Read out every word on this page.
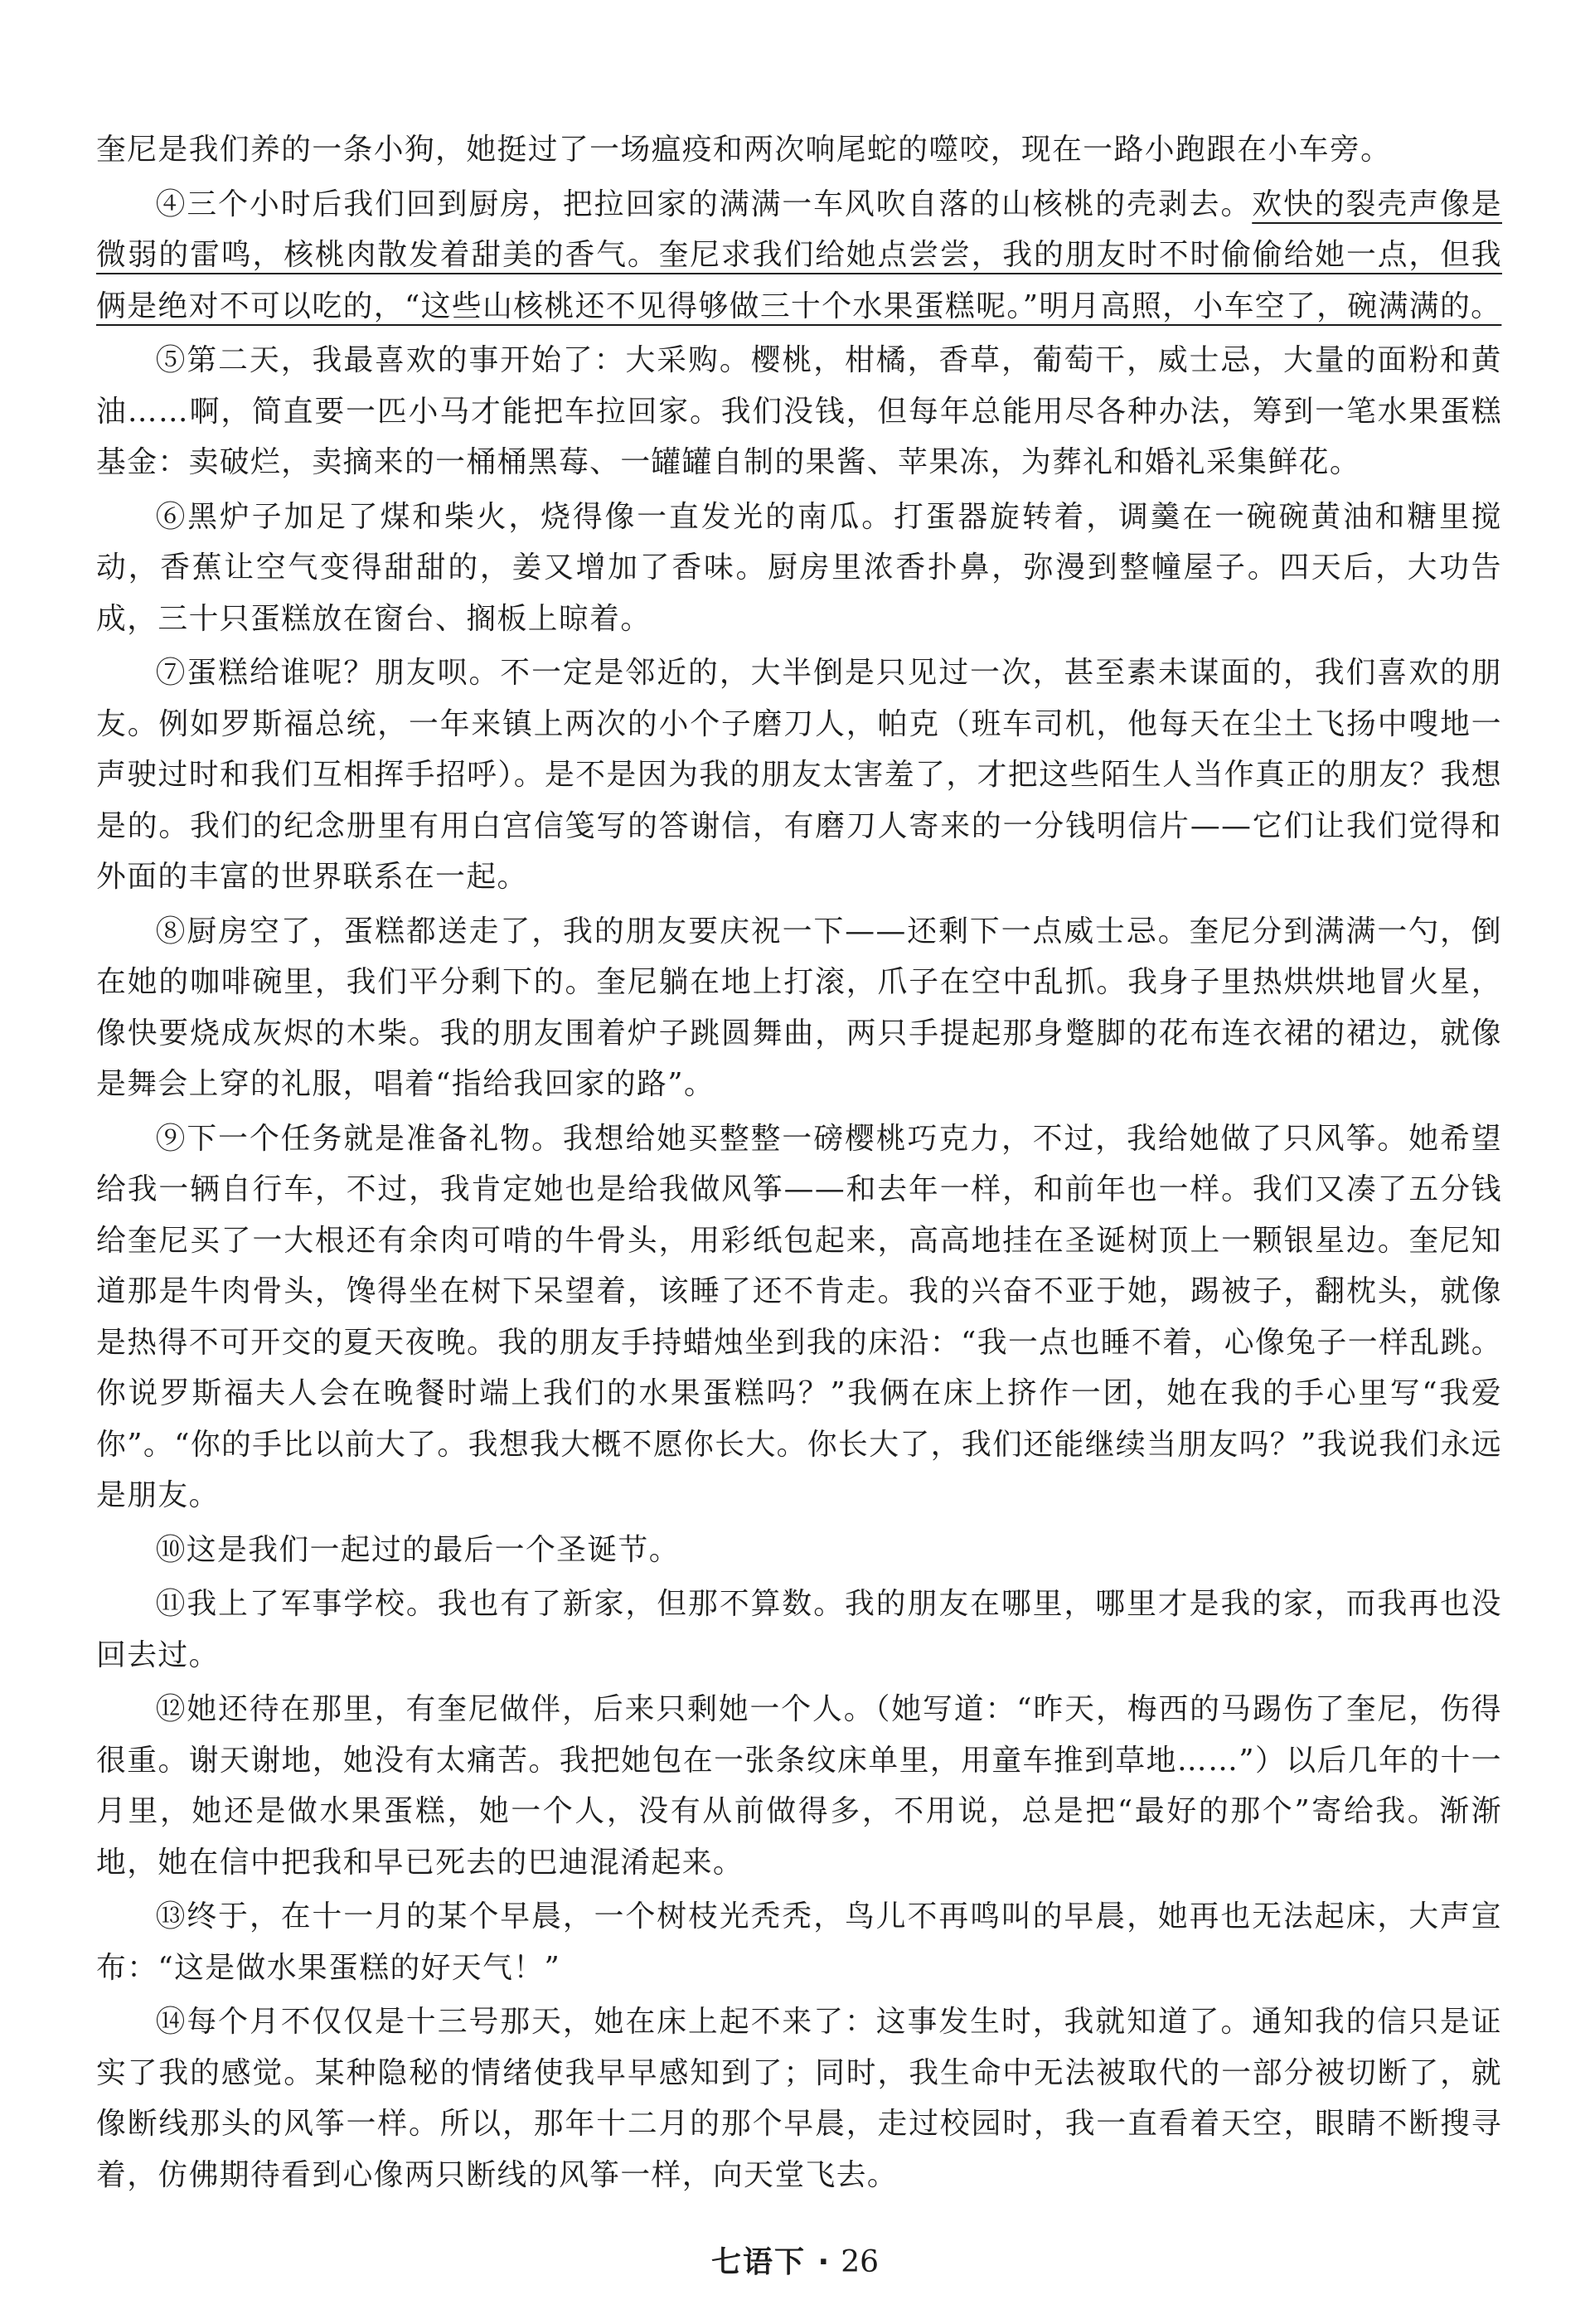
奎尼是我们养的一条小狗，她挺过了一场瘟疫和两次响尾蛇的噬咬，现在一路小跑跟在小车旁。

④三个小时后我们回到厨房，把拉回家的满满一车风吹自落的山核桃的壳剥去。欢快的裂壳声像是微弱的雷鸣，核桃肉散发着甜美的香气。奎尼求我们给她点尝尝，我的朋友时不时偷偷给她一点，但我俩是绝对不可以吃的，“这些山核桃还不见得够做三十个水果蛋糕呢。”明月高照，小车空了，碗满满的。

⑤第二天，我最喜欢的事开始了：大采购。樱桃，柑橘，香草，葡萄干，威士忌，大量的面粉和黄油……啊，简直要一匹小马才能把车拉回家。我们没钱，但每年总能用尽各种办法，筹到一笔水果蛋糕基金：卖破烂，卖摘来的一桶桶黑莓、一罐罐自制的果酱、苹果冻，为葬礼和婚礼采集鲜花。

⑥黑炉子加足了煤和柴火，烧得像一直发光的南瓜。打蛋器旋转着，调羹在一碗碗黄油和糖里搅动，香蕉让空气变得甜甜的，姜又增加了香味。厨房里浓香扑鼻，弥漫到整幢屋子。四天后，大功告成，三十只蛋糕放在窗台、搁板上晾着。

⑦蛋糕给谁呢？朋友呗。不一定是邻近的，大半倒是只见过一次，甚至素未谋面的，我们喜欢的朋友。例如罗斯福总统，一年来镇上两次的小个子磨刀人，帕克（班车司机，他每天在尘土飞扬中嗖地一声驶过时和我们互相挥手招呼）。是不是因为我的朋友太害羞了，才把这些陌生人当作真正的朋友？我想是的。我们的纪念册里有用白宫信笺写的答谢信，有磨刀人寄来的一分钱明信片——它们让我们觉得和外面的丰富的世界联系在一起。

⑧厨房空了，蛋糕都送走了，我的朋友要庆祝一下——还剩下一点威士忌。奎尼分到满满一勺，倒在她的咖啡碗里，我们平分剩下的。奎尼躺在地上打滚，爪子在空中乱抓。我身子里热烘烘地冒火星，像快要烧成灰烬的木柴。我的朋友围着炉子跳圆舞曲，两只手提起那身蹩脚的花布连衣裙的裙边，就像是舞会上穿的礼服，唱着“指给我回家的路”。

⑨下一个任务就是准备礼物。我想给她买整整一磅樱桃巧克力，不过，我给她做了只风筝。她希望给我一辆自行车，不过，我肯定她也是给我做风筝——和去年一样，和前年也一样。我们又凑了五分钱给奎尼买了一大根还有余肉可啃的牛骨头，用彩纸包起来，高高地挂在圣诞树顶上一颗银星边。奎尼知道那是牛肉骨头，馋得坐在树下呆望着，该睡了还不肯走。我的兴奋不亚于她，踢被子，翻枕头，就像是热得不可开交的夏天夜晚。我的朋友手持蜡烛坐到我的床沿：“我一点也睡不着，心像兔子一样乱跳。你说罗斯福夫人会在晚餐时端上我们的水果蛋糕吗？”我俩在床上挤作一团，她在我的手心里写“我爱你”。“你的手比以前大了。我想我大概不愿你长大。你长大了，我们还能继续当朋友吗？”我说我们永远是朋友。

⑩这是我们一起过的最后一个圣诞节。

⑪我上了军事学校。我也有了新家，但那不算数。我的朋友在哪里，哪里才是我的家，而我再也没回去过。

⑫她还待在那里，有奎尼做伴，后来只剩她一个人。（她写道：“昨天，梅西的马踢伤了奎尼，伤得很重。谢天谢地，她没有太痛苦。我把她包在一张条纹床单里，用童车推到草地……”）以后几年的十一月里，她还是做水果蛋糕，她一个人，没有从前做得多，不用说，总是把“最好的那个”寄给我。渐渐地，她在信中把我和早已死去的巴迪混淆起来。

⑬终于，在十一月的某个早晨，一个树枝光秃秃，鸟儿不再鸣叫的早晨，她再也无法起床，大声宣布：“这是做水果蛋糕的好天气！”

⑭每个月不仅仅是十三号那天，她在床上起不来了：这事发生时，我就知道了。通知我的信只是证实了我的感觉。某种隐秘的情绪使我早早感知到了；同时，我生命中无法被取代的一部分被切断了，就像断线那头的风筝一样。所以，那年十二月的那个早晨，走过校园时，我一直看着天空，眼睛不断搜寻着，仿佛期待看到心像两只断线的风筝一样，向天堂飞去。

七语下 · 26
